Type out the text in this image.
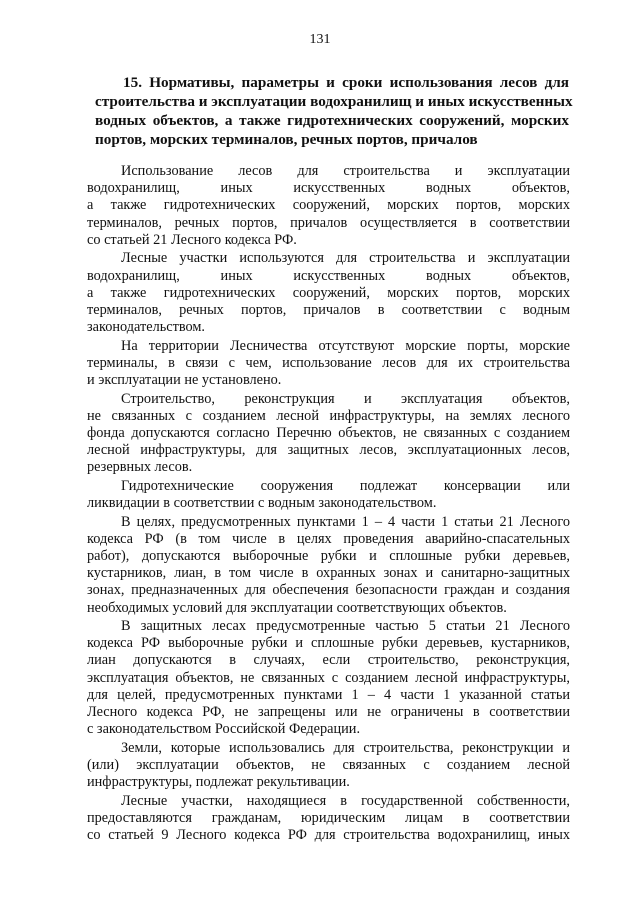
131
15. Нормативы, параметры и сроки использования лесов для
строительства и эксплуатации водохранилищ и иных искусственных
водных объектов, а также гидротехнических сооружений, морских
портов, морских терминалов, речных портов, причалов
Использование лесов для строительства и эксплуатации
водохранилищ, иных искусственных водных объектов,
а также гидротехнических сооружений, морских портов, морских
терминалов, речных портов, причалов осуществляется в соответствии
со статьей 21 Лесного кодекса РФ.
Лесные участки используются для строительства и эксплуатации
водохранилищ, иных искусственных водных объектов,
а также гидротехнических сооружений, морских портов, морских
терминалов, речных портов, причалов в соответствии с водным
законодательством.
На территории Лесничества отсутствуют морские порты, морские
терминалы, в связи с чем, использование лесов для их строительства
и эксплуатации не установлено.
Строительство, реконструкция и эксплуатация объектов,
не связанных с созданием лесной инфраструктуры, на землях лесного
фонда допускаются согласно Перечню объектов, не связанных с созданием
лесной инфраструктуры, для защитных лесов, эксплуатационных лесов,
резервных лесов.
Гидротехнические сооружения подлежат консервации или
ликвидации в соответствии с водным законодательством.
В целях, предусмотренных пунктами 1 – 4 части 1 статьи 21 Лесного
кодекса РФ (в том числе в целях проведения аварийно-спасательных
работ), допускаются выборочные рубки и сплошные рубки деревьев,
кустарников, лиан, в том числе в охранных зонах и санитарно-защитных
зонах, предназначенных для обеспечения безопасности граждан и создания
необходимых условий для эксплуатации соответствующих объектов.
В защитных лесах предусмотренные частью 5 статьи 21 Лесного
кодекса РФ выборочные рубки и сплошные рубки деревьев, кустарников,
лиан допускаются в случаях, если строительство, реконструкция,
эксплуатация объектов, не связанных с созданием лесной инфраструктуры,
для целей, предусмотренных пунктами 1 – 4 части 1 указанной статьи
Лесного кодекса РФ, не запрещены или не ограничены в соответствии
с законодательством Российской Федерации.
Земли, которые использовались для строительства, реконструкции и
(или) эксплуатации объектов, не связанных с созданием лесной
инфраструктуры, подлежат рекультивации.
Лесные участки, находящиеся в государственной собственности,
предоставляются гражданам, юридическим лицам в соответствии
со статьей 9 Лесного кодекса РФ для строительства водохранилищ, иных
